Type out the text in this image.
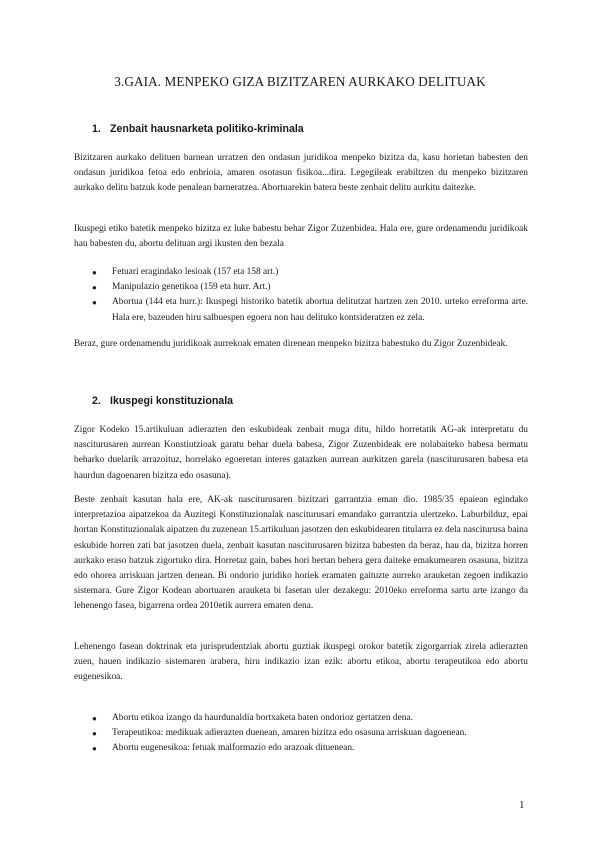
3.GAIA. MENPEKO GIZA BIZITZAREN AURKAKO DELITUAK
1. Zenbait hausnarketa politiko-kriminala

Bizitzaren aurkako delituen barnean urratzen den ondasun juridikoa menpeko bizitza da, kasu horietan babesten den ondasun juridikoa fetoa edo enbrioia, amaren osotasun fisikoa...dira. Legegileak erabiltzen du menpeko bizitzaren aurkako delitu batzuk kode penalean barneratzea. Abortuarekin batera beste zenbait delitu aurkitu daitezke.

Ikuspegi etiko batetik menpeko bizitza ez luke babestu behar Zigor Zuzenbidea. Hala ere, gure ordenamendu juridikoak hau babesten du, abortu delituan argi ikusten den bezala

● Fetuari eragindako lesioak (157 eta 158 art.)
● Manipulazio genetikoa (159 eta hurr. Art.)
● Abortua (144 eta hurr.): Ikuspegi historiko batetik abortua delitutzat hartzen zen 2010. urteko erreforma arte. Hala ere, bazeuden hiru salbuespen egoera non hau delituko kontsideratzen ez zela.

Beraz, gure ordenamendu juridikoak aurrekoak ematen direnean menpeko bizitza babestuko du Zigor Zuzenbideak.

2. Ikuspegi konstituzionala

Zigor Kodeko 15.artikuluan adierazten den eskubideak zenbait muga ditu, hildo horretatik AG-ak interpretatu du nasciturusaren aurrean Konstiutzioak garatu behar duela babesa, Zigor Zuzenbideak ere nolabaiteko babesa bermatu beharko duelarik arrazoituz, horrelako egoeretan interes gatazken aurrean aurkitzen garela (nasciturusaren babesa eta haurdun dagoenaren bizitza edo osasuna).

Beste zenbait kasutan hala ere, AK-ak nasciturusaren bizitzari garrantzia eman dio. 1985/35 epaiean egindako interpretazioa aipatzekoa da Auzitegi Konstituzionalak nasciturusari emandako garrantzia ulertzeko. Laburbilduz, epai hortan Konstituzionalak aipatzen du zuzenean 15.artikuluan jasotzen den eskubidearen titularra ez dela nasciturusa baina eskubide horren zati bat jasotzen duela, zenbait kasutan nasciturusaren bizitza babesten da beraz, hau da, bizitza horren aurkako eraso batzuk zigortuko dira. Horretaz gain, babes hori bertan behera gera daiteke emakumearen osasuna, bizitza edo ohorea arriskuan jartzen denean. Bi ondorio juridiko horiek eramaten gaituzte aurreko arauketan zegoen indikazio sistemara. Gure Zigor Kodean abortuaren arauketa bi fasetan uler dezakegu: 2010eko erreforma sartu arte izango da lehenengo fasea, bigarrena ordea 2010etik aurrera ematen dena.

Lehenengo fasean doktrinak eta jurisprudentziak abortu guztiak ikuspegi orokor batetik zigorgarriak zirela adierazten zuen, hauen indikazio sistemaren arabera, hiru indikazio izan ezik: abortu etikoa, abortu terapeutikoa edo abortu eugenesikoa.

● Abortu etikoa izango da haurdunaldia bortxaketa baten ondorioz gertatzen dena.
● Terapeutikoa: medikuak adierazten duenean, amaren bizitza edo osasuna arriskuan dagoenean.
● Abortu eugenesikoa: fetuak malformazio edo arazoak dituenean.
1
